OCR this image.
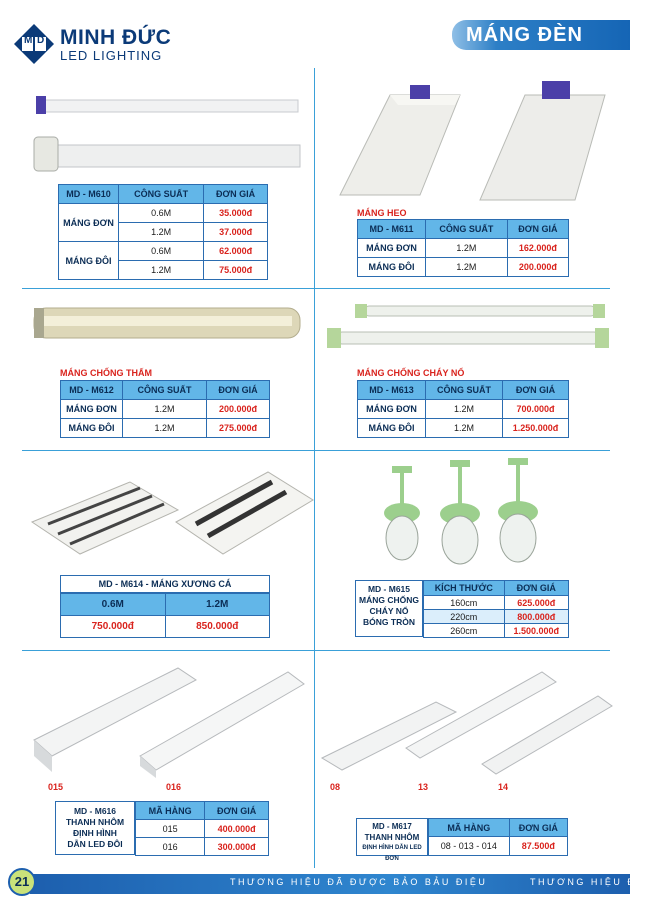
M D MINH ĐỨC
LED LIGHTING
MÁNG ĐÈN
MD - M610	CÔNG SUẤT	ĐƠN GIÁ
MÁNG ĐƠN	0.6M	35.000đ
	1.2M	37.000đ
MÁNG ĐÔI	0.6M	62.000đ
	1.2M	75.000đ
MÁNG HEO
MD - M611	CÔNG SUẤT	ĐƠN GIÁ
MÁNG ĐƠN	1.2M	162.000đ
MÁNG ĐÔI	1.2M	200.000đ
MÁNG CHỐNG THẤM
MD - M612	CÔNG SUẤT	ĐƠN GIÁ
MÁNG ĐƠN	1.2M	200.000đ
MÁNG ĐÔI	1.2M	275.000đ
MÁNG CHỐNG CHÁY NỔ
MD - M613	CÔNG SUẤT	ĐƠN GIÁ
MÁNG ĐƠN	1.2M	700.000đ
MÁNG ĐÔI	1.2M	1.250.000đ
MD - M614 - MÁNG XƯƠNG CÁ
0.6M	1.2M
750.000đ	850.000đ
MD - M615
MÁNG CHỐNG
CHÁY NỔ
BÓNG TRÒN
KÍCH THƯỚC	ĐƠN GIÁ
160cm	625.000đ
220cm	800.000đ
260cm	1.500.000đ
015	016
MD - M616
THANH NHÔM
ĐỊNH HÌNH
DẪN LED ĐÔI
MÃ HÀNG	ĐƠN GIÁ
015	400.000đ
016	300.000đ
08	13	14
MD - M617
THANH NHÔM
ĐỊNH HÌNH DẪN LED ĐƠN
MÃ HÀNG	ĐƠN GIÁ
08 - 013 - 014	87.500đ
THƯƠNG HIỆU ĐÃ ĐƯỢC BẢO BẢU ĐIỆU	THƯƠNG HIỆU ĐƯỢC
21
